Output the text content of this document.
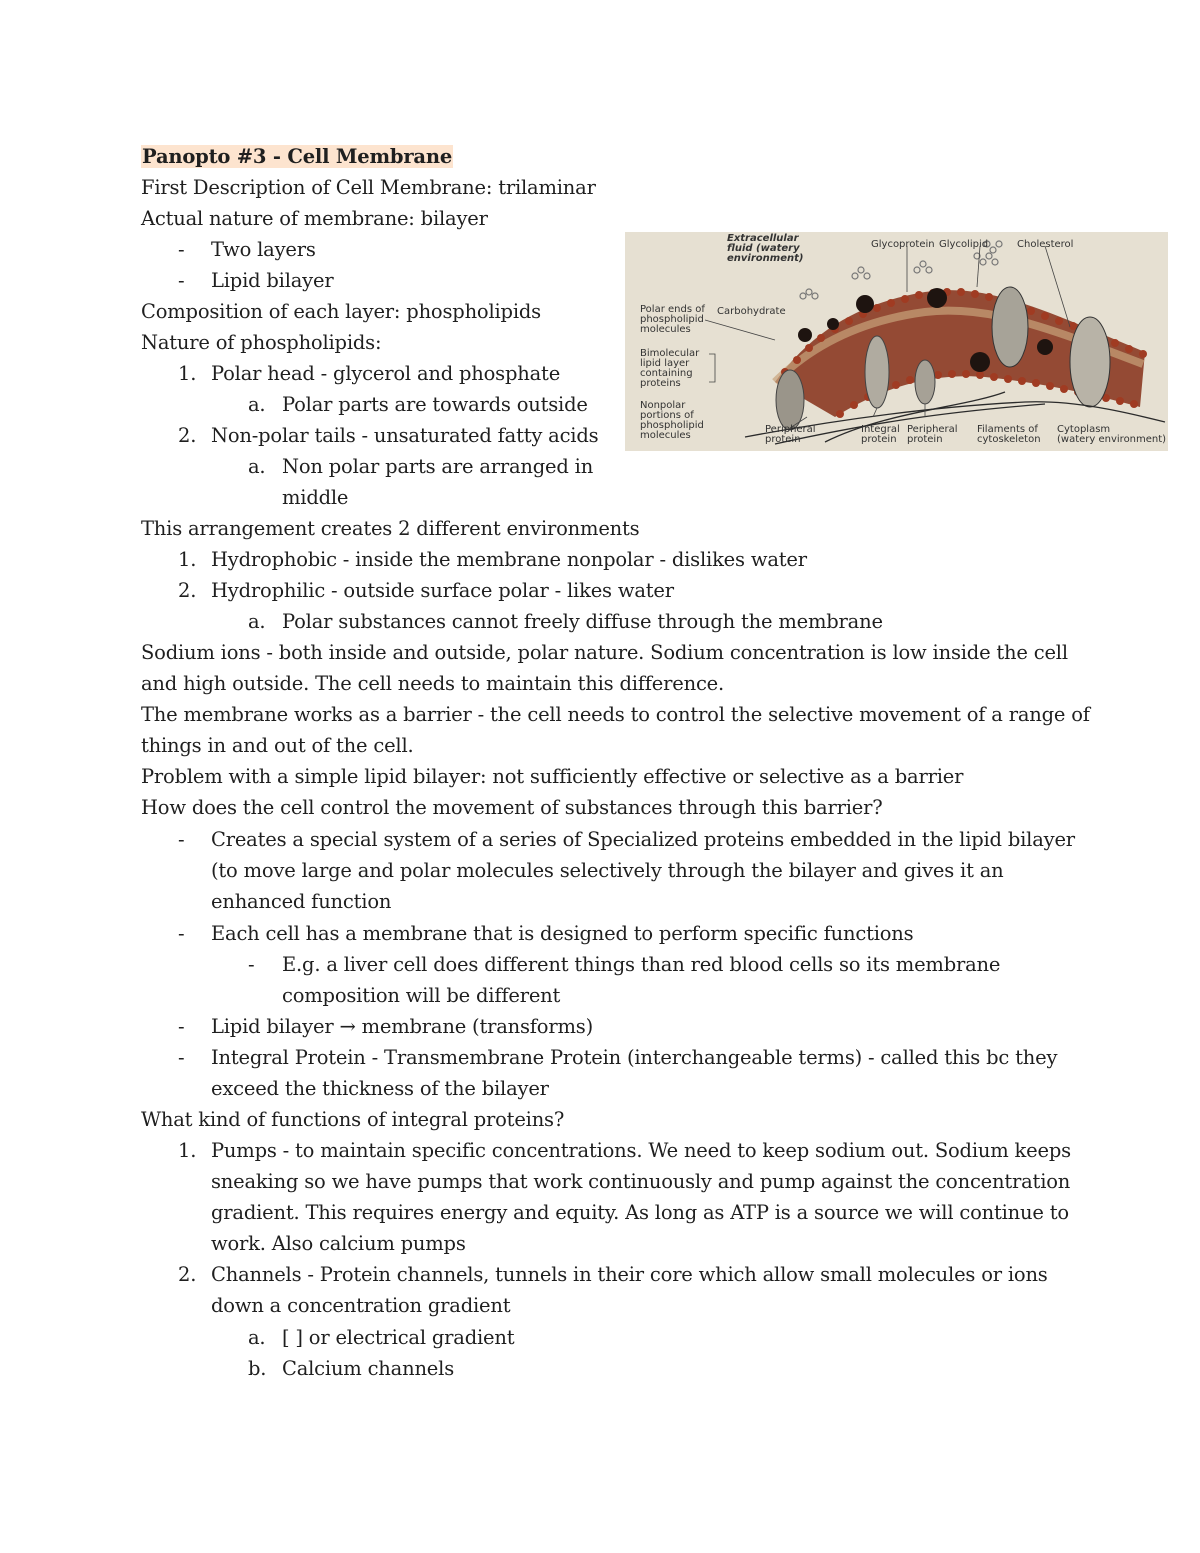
Panopto #3 - Cell Membrane
First Description of Cell Membrane: trilaminar
Actual nature of membrane: bilayer
- Two layers
- Lipid bilayer
Composition of each layer: phospholipids
Nature of phospholipids:
1. Polar head - glycerol and phosphate
a. Polar parts are towards outside
2. Non-polar tails - unsaturated fatty acids
a. Non polar parts are arranged in
middle
This arrangement creates 2 different environments
1. Hydrophobic - inside the membrane nonpolar - dislikes water
2. Hydrophilic - outside surface polar - likes water
a. Polar substances cannot freely diffuse through the membrane
Sodium ions - both inside and outside, polar nature. Sodium concentration is low inside the cell
and high outside. The cell needs to maintain this difference.
The membrane works as a barrier - the cell needs to control the selective movement of a range of
things in and out of the cell.
Problem with a simple lipid bilayer: not sufficiently effective or selective as a barrier
How does the cell control the movement of substances through this barrier?
- Creates a special system of a series of Specialized proteins embedded in the lipid bilayer
(to move large and polar molecules selectively through the bilayer and gives it an
enhanced function
- Each cell has a membrane that is designed to perform specific functions
- E.g. a liver cell does different things than red blood cells so its membrane
composition will be different
- Lipid bilayer → membrane (transforms)
- Integral Protein - Transmembrane Protein (interchangeable terms) - called this bc they
exceed the thickness of the bilayer
What kind of functions of integral proteins?
1. Pumps - to maintain specific concentrations. We need to keep sodium out. Sodium keeps
sneaking so we have pumps that work continuously and pump against the concentration
gradient. This requires energy and equity. As long as ATP is a source we will continue to
work. Also calcium pumps
2. Channels - Protein channels, tunnels in their core which allow small molecules or ions
down a concentration gradient
a. [ ] or electrical gradient
b. Calcium channels
Extracellular fluid (watery environment)
Glycoprotein Glycolipid	Cholesterol
Carbohydrate
Polar ends of phospholipid molecules
Bimolecular lipid layer containing proteins
Nonpolar portions of phospholipid molecules
Peripheral protein
Integral protein
Peripheral protein
Filaments of cytoskeleton
Cytoplasm (watery environment)
